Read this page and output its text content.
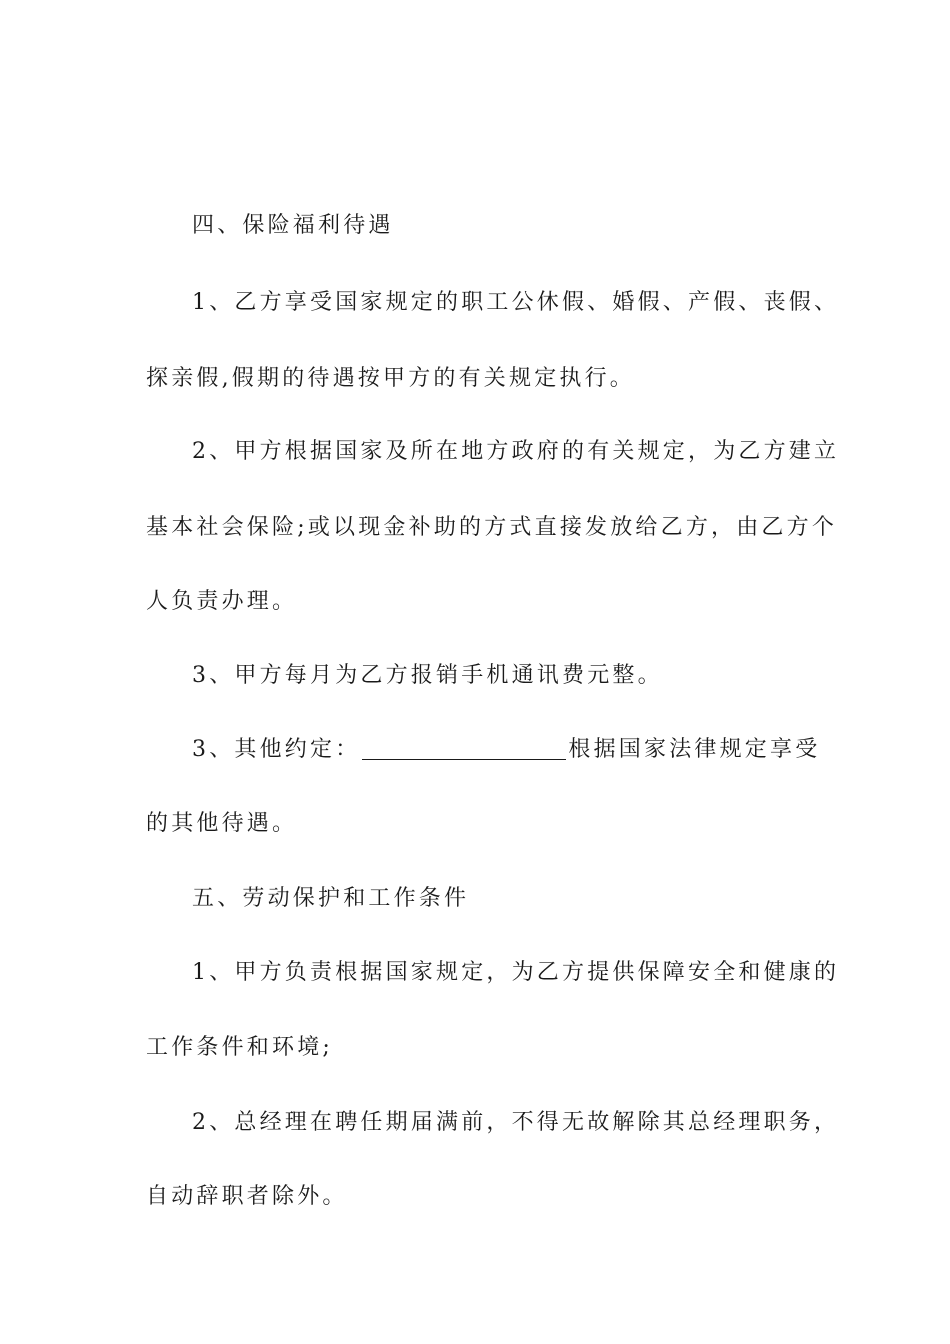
四、保险福利待遇
1、乙方享受国家规定的职工公休假、婚假、产假、丧假、
探亲假,假期的待遇按甲方的有关规定执行。
2、甲方根据国家及所在地方政府的有关规定，为乙方建立
基本社会保险;或以现金补助的方式直接发放给乙方，由乙方个
人负责办理。
3、甲方每月为乙方报销手机通讯费元整。
3、其他约定：	根据国家法律规定享受
的其他待遇。
五、劳动保护和工作条件
1、甲方负责根据国家规定，为乙方提供保障安全和健康的
工作条件和环境;
2、总经理在聘任期届满前，不得无故解除其总经理职务，
自动辞职者除外。
